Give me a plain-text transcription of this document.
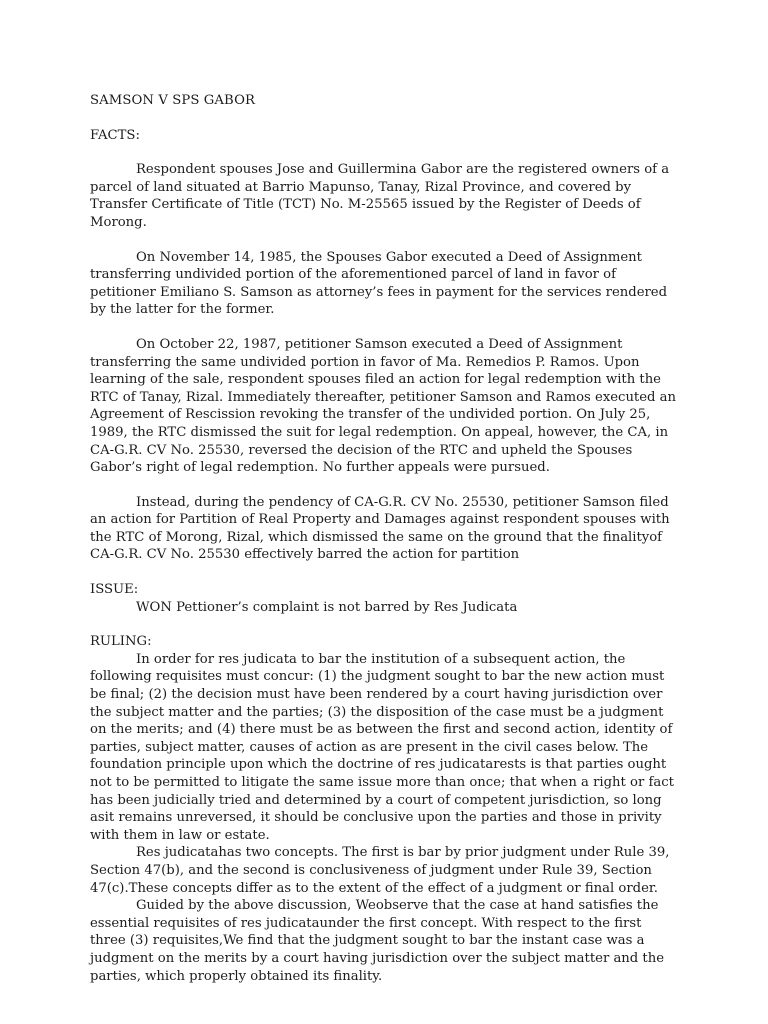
SAMSON V SPS GABOR
FACTS:

Respondent spouses Jose and Guillermina Gabor are the registered owners of a parcel of land situated at Barrio Mapunso, Tanay, Rizal Province, and covered by Transfer Certificate of Title (TCT) No. M-25565 issued by the Register of Deeds of Morong.

On November 14, 1985, the Spouses Gabor executed a Deed of Assignment transferring undivided portion of the aforementioned parcel of land in favor of petitioner Emiliano S. Samson as attorney’s fees in payment for the services rendered by the latter for the former.

On October 22, 1987, petitioner Samson executed a Deed of Assignment transferring the same undivided portion in favor of Ma. Remedios P. Ramos. Upon learning of the sale, respondent spouses filed an action for legal redemption with the RTC of Tanay, Rizal. Immediately thereafter, petitioner Samson and Ramos executed an Agreement of Rescission revoking the transfer of the undivided portion. On July 25, 1989, the RTC dismissed the suit for legal redemption. On appeal, however, the CA, in CA-G.R. CV No. 25530, reversed the decision of the RTC and upheld the Spouses Gabor’s right of legal redemption. No further appeals were pursued.

Instead, during the pendency of CA-G.R. CV No. 25530, petitioner Samson filed an action for Partition of Real Property and Damages against respondent spouses with the RTC of Morong, Rizal, which dismissed the same on the ground that the finalityof CA-G.R. CV No. 25530 effectively barred the action for partition

ISSUE:

WON Pettioner’s complaint is not barred by Res Judicata

RULING:

In order for res judicata to bar the institution of a subsequent action, the following requisites must concur: (1) the judgment sought to bar the new action must be final; (2) the decision must have been rendered by a court having jurisdiction over the subject matter and the parties; (3) the disposition of the case must be a judgment on the merits; and (4) there must be as between the first and second action, identity of parties, subject matter, causes of action as are present in the civil cases below. The foundation principle upon which the doctrine of res judicatarests is that parties ought not to be permitted to litigate the same issue more than once; that when a right or fact has been judicially tried and determined by a court of competent jurisdiction, so long asit remains unreversed, it should be conclusive upon the parties and those in privity with them in law or estate.

Res judicatahas two concepts. The first is bar by prior judgment under Rule 39, Section 47(b), and the second is conclusiveness of judgment under Rule 39, Section 47(c).These concepts differ as to the extent of the effect of a judgment or final order.

Guided by the above discussion, Weobserve that the case at hand satisfies the essential requisites of res judicataunder the first concept. With respect to the first three (3) requisites,We find that the judgment sought to bar the instant case was a judgment on the merits by a court having jurisdiction over the subject matter and the parties, which properly obtained its finality.
